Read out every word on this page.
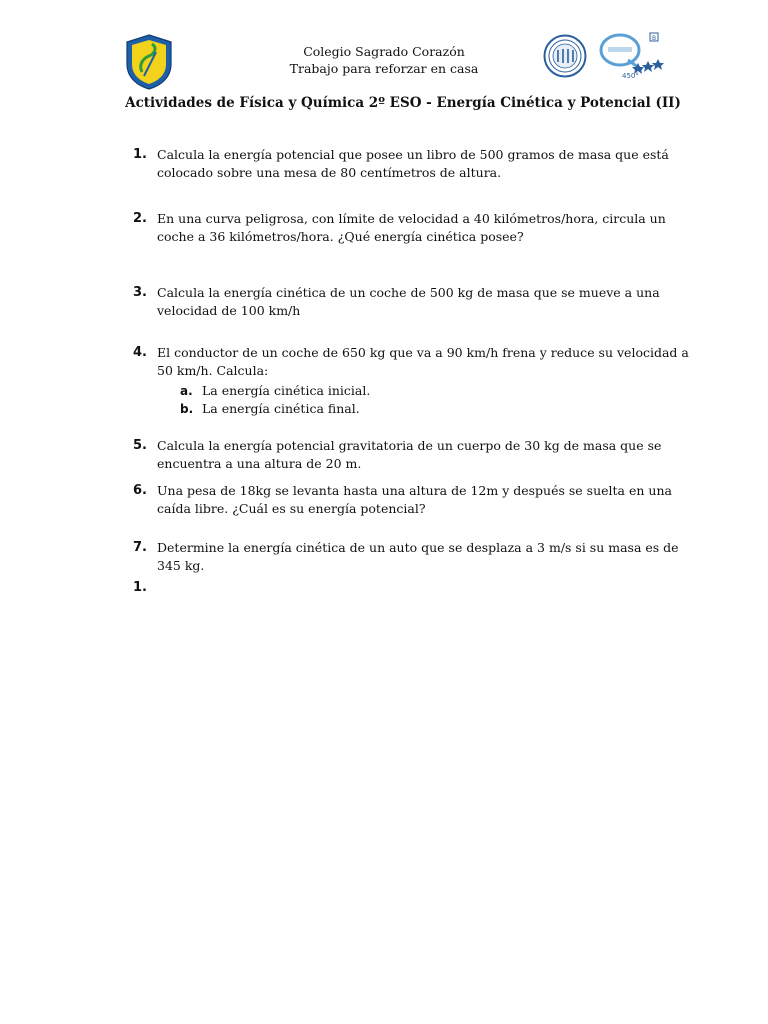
B
450°
Colegio Sagrado Corazón
Trabajo para reforzar en casa
Actividades de Física y Química 2º ESO - Energía Cinética y Potencial (II)
1. Calcula la energía potencial que posee un libro de 500 gramos de masa que está colocado sobre una mesa de 80 centímetros de altura.
2. En una curva peligrosa, con límite de velocidad a 40 kilómetros/hora, circula un coche a 36 kilómetros/hora. ¿Qué energía cinética posee?
3. Calcula la energía cinética de un coche de 500 kg de masa que se mueve a una velocidad de 100 km/h
4. El conductor de un coche de 650 kg que va a 90 km/h frena y reduce su velocidad a 50 km/h. Calcula:
a. La energía cinética inicial.
b. La energía cinética final.
5. Calcula la energía potencial gravitatoria de un cuerpo de 30 kg de masa que se encuentra a una altura de 20 m.
6. Una pesa de 18kg se levanta hasta una altura de 12m y después se suelta en una caída libre. ¿Cuál es su energía potencial?
7. Determine la energía cinética de un auto que se desplaza a 3 m/s si su masa es de 345 kg.
1.
